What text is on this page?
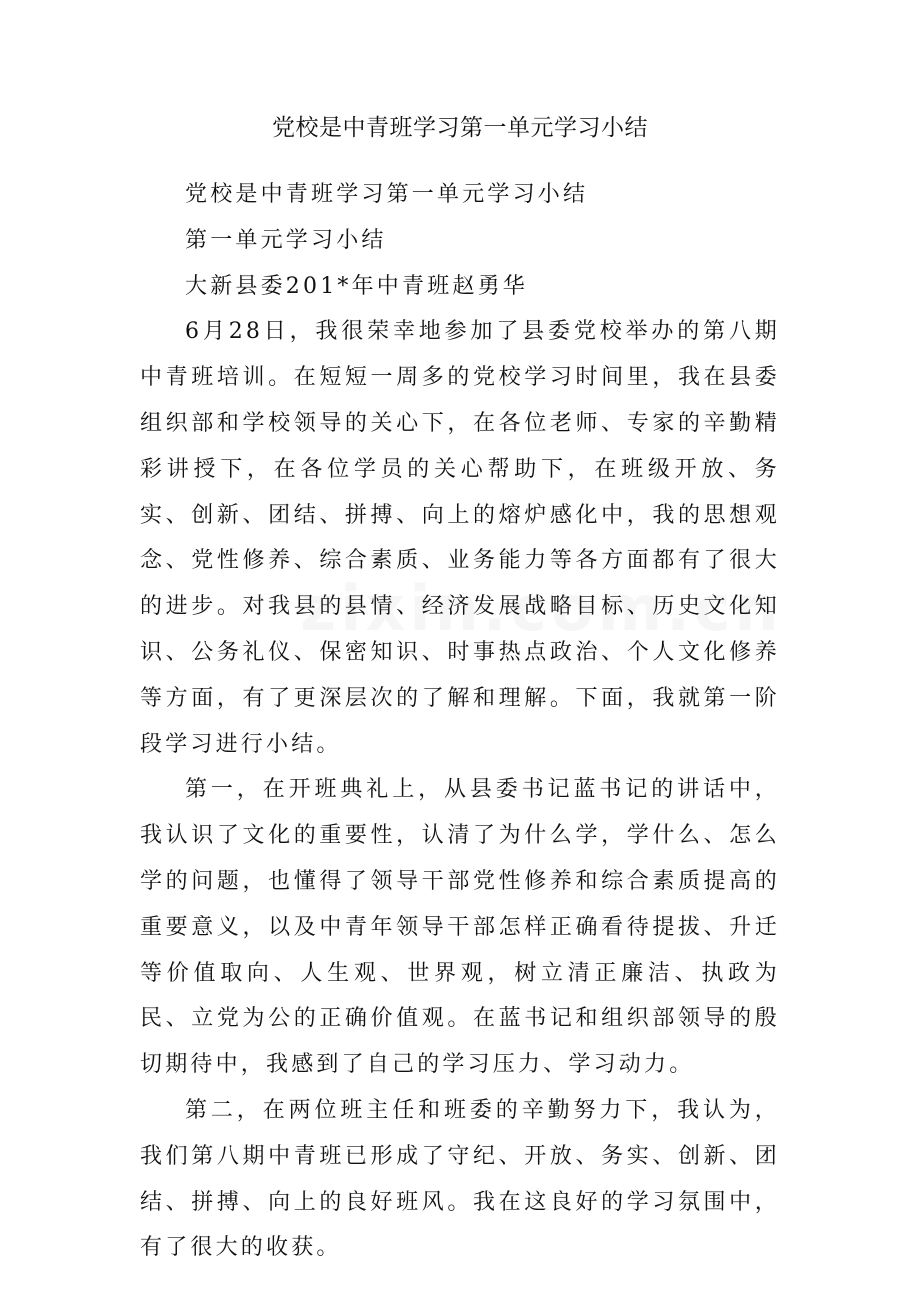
党校是中青班学习第一单元学习小结

党校是中青班学习第一单元学习小结

第一单元学习小结

大新县委201*年中青班赵勇华

6月28日，我很荣幸地参加了县委党校举办的第八期中青班培训。在短短一周多的党校学习时间里，我在县委组织部和学校领导的关心下，在各位老师、专家的辛勤精彩讲授下，在各位学员的关心帮助下，在班级开放、务实、创新、团结、拼搏、向上的熔炉感化中，我的思想观念、党性修养、综合素质、业务能力等各方面都有了很大的进步。对我县的县情、经济发展战略目标、历史文化知识、公务礼仪、保密知识、时事热点政治、个人文化修养等方面，有了更深层次的了解和理解。下面，我就第一阶段学习进行小结。

第一，在开班典礼上，从县委书记蓝书记的讲话中，我认识了文化的重要性，认清了为什么学，学什么、怎么学的问题，也懂得了领导干部党性修养和综合素质提高的重要意义，以及中青年领导干部怎样正确看待提拔、升迁等价值取向、人生观、世界观，树立清正廉洁、执政为民、立党为公的正确价值观。在蓝书记和组织部领导的殷切期待中，我感到了自己的学习压力、学习动力。

第二，在两位班主任和班委的辛勤努力下，我认为，我们第八期中青班已形成了守纪、开放、务实、创新、团结、拼搏、向上的良好班风。我在这良好的学习氛围中，有了很大的收获。
